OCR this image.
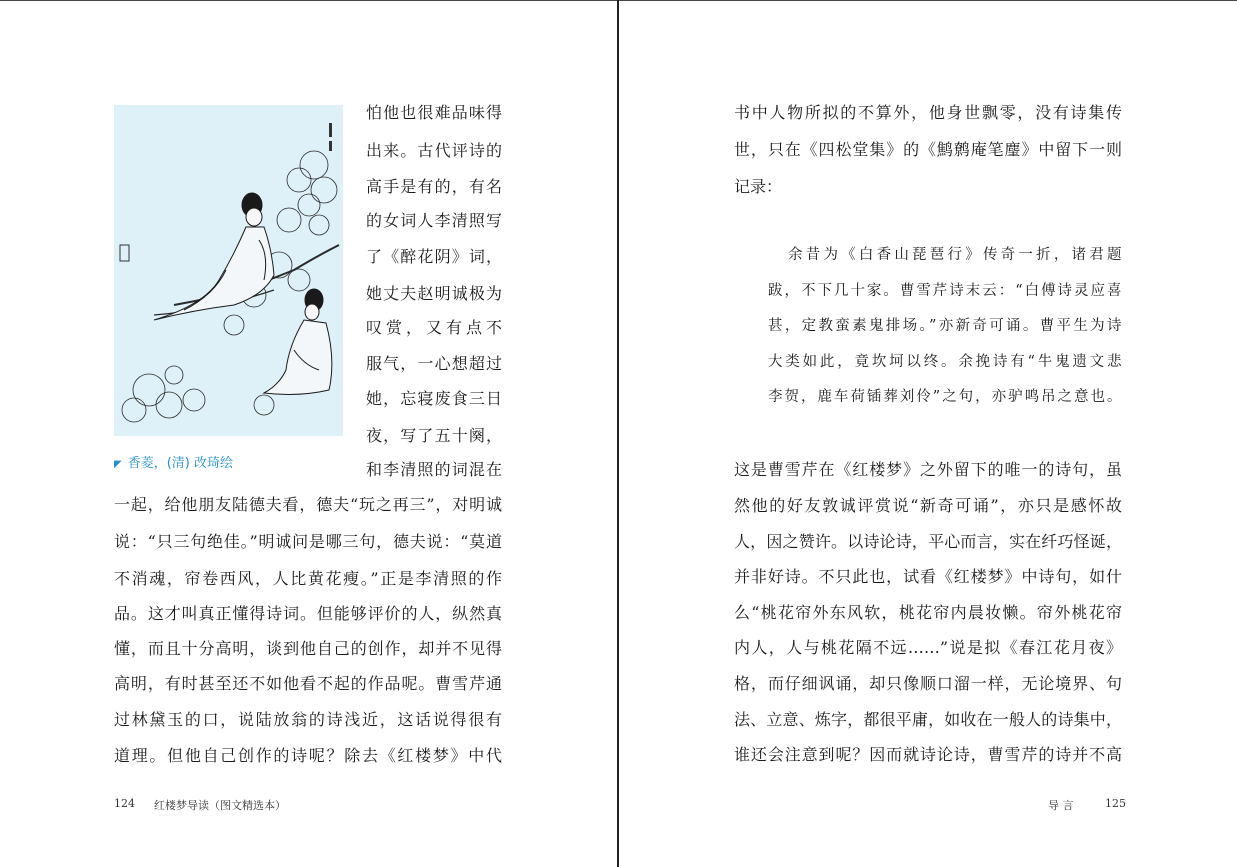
◤ 香菱，(清) 改琦绘
怕他也很难品味得
出来。古代评诗的
高手是有的，有名
的女词人李清照写
了《醉花阴》词，
她丈夫赵明诚极为
叹赏，又有点不
服气，一心想超过
她，忘寝废食三日
夜，写了五十阕，
和李清照的词混在
一起，给他朋友陆德夫看，德夫“玩之再三”，对明诚
说：“只三句绝佳。”明诚问是哪三句，德夫说：“莫道
不消魂，帘卷西风，人比黄花瘦。”正是李清照的作
品。这才叫真正懂得诗词。但能够评价的人，纵然真
懂，而且十分高明，谈到他自己的创作，却并不见得
高明，有时甚至还不如他看不起的作品呢。曹雪芹通
过林黛玉的口，说陆放翁的诗浅近，这话说得很有
道理。但他自己创作的诗呢？除去《红楼梦》中代
124 红楼梦导读（图文精选本）
书中人物所拟的不算外，他身世飘零，没有诗集传
世，只在《四松堂集》的《鹪鹩庵笔麈》中留下一则
记录：
余昔为《白香山琵琶行》传奇一折，诸君题
跋，不下几十家。曹雪芹诗末云：“白傅诗灵应喜
甚，定教蛮素鬼排场。”亦新奇可诵。曹平生为诗
大类如此，竟坎坷以终。余挽诗有“牛鬼遗文悲
李贺，鹿车荷锸葬刘伶”之句，亦驴鸣吊之意也。
这是曹雪芹在《红楼梦》之外留下的唯一的诗句，虽
然他的好友敦诚评赏说“新奇可诵”，亦只是感怀故
人，因之赞许。以诗论诗，平心而言，实在纤巧怪诞，
并非好诗。不只此也，试看《红楼梦》中诗句，如什
么“桃花帘外东风软，桃花帘内晨妆懒。帘外桃花帘
内人，人与桃花隔不远……”说是拟《春江花月夜》
格，而仔细讽诵，却只像顺口溜一样，无论境界、句
法、立意、炼字，都很平庸，如收在一般人的诗集中，
谁还会注意到呢？因而就诗论诗，曹雪芹的诗并不高
导 言	125
